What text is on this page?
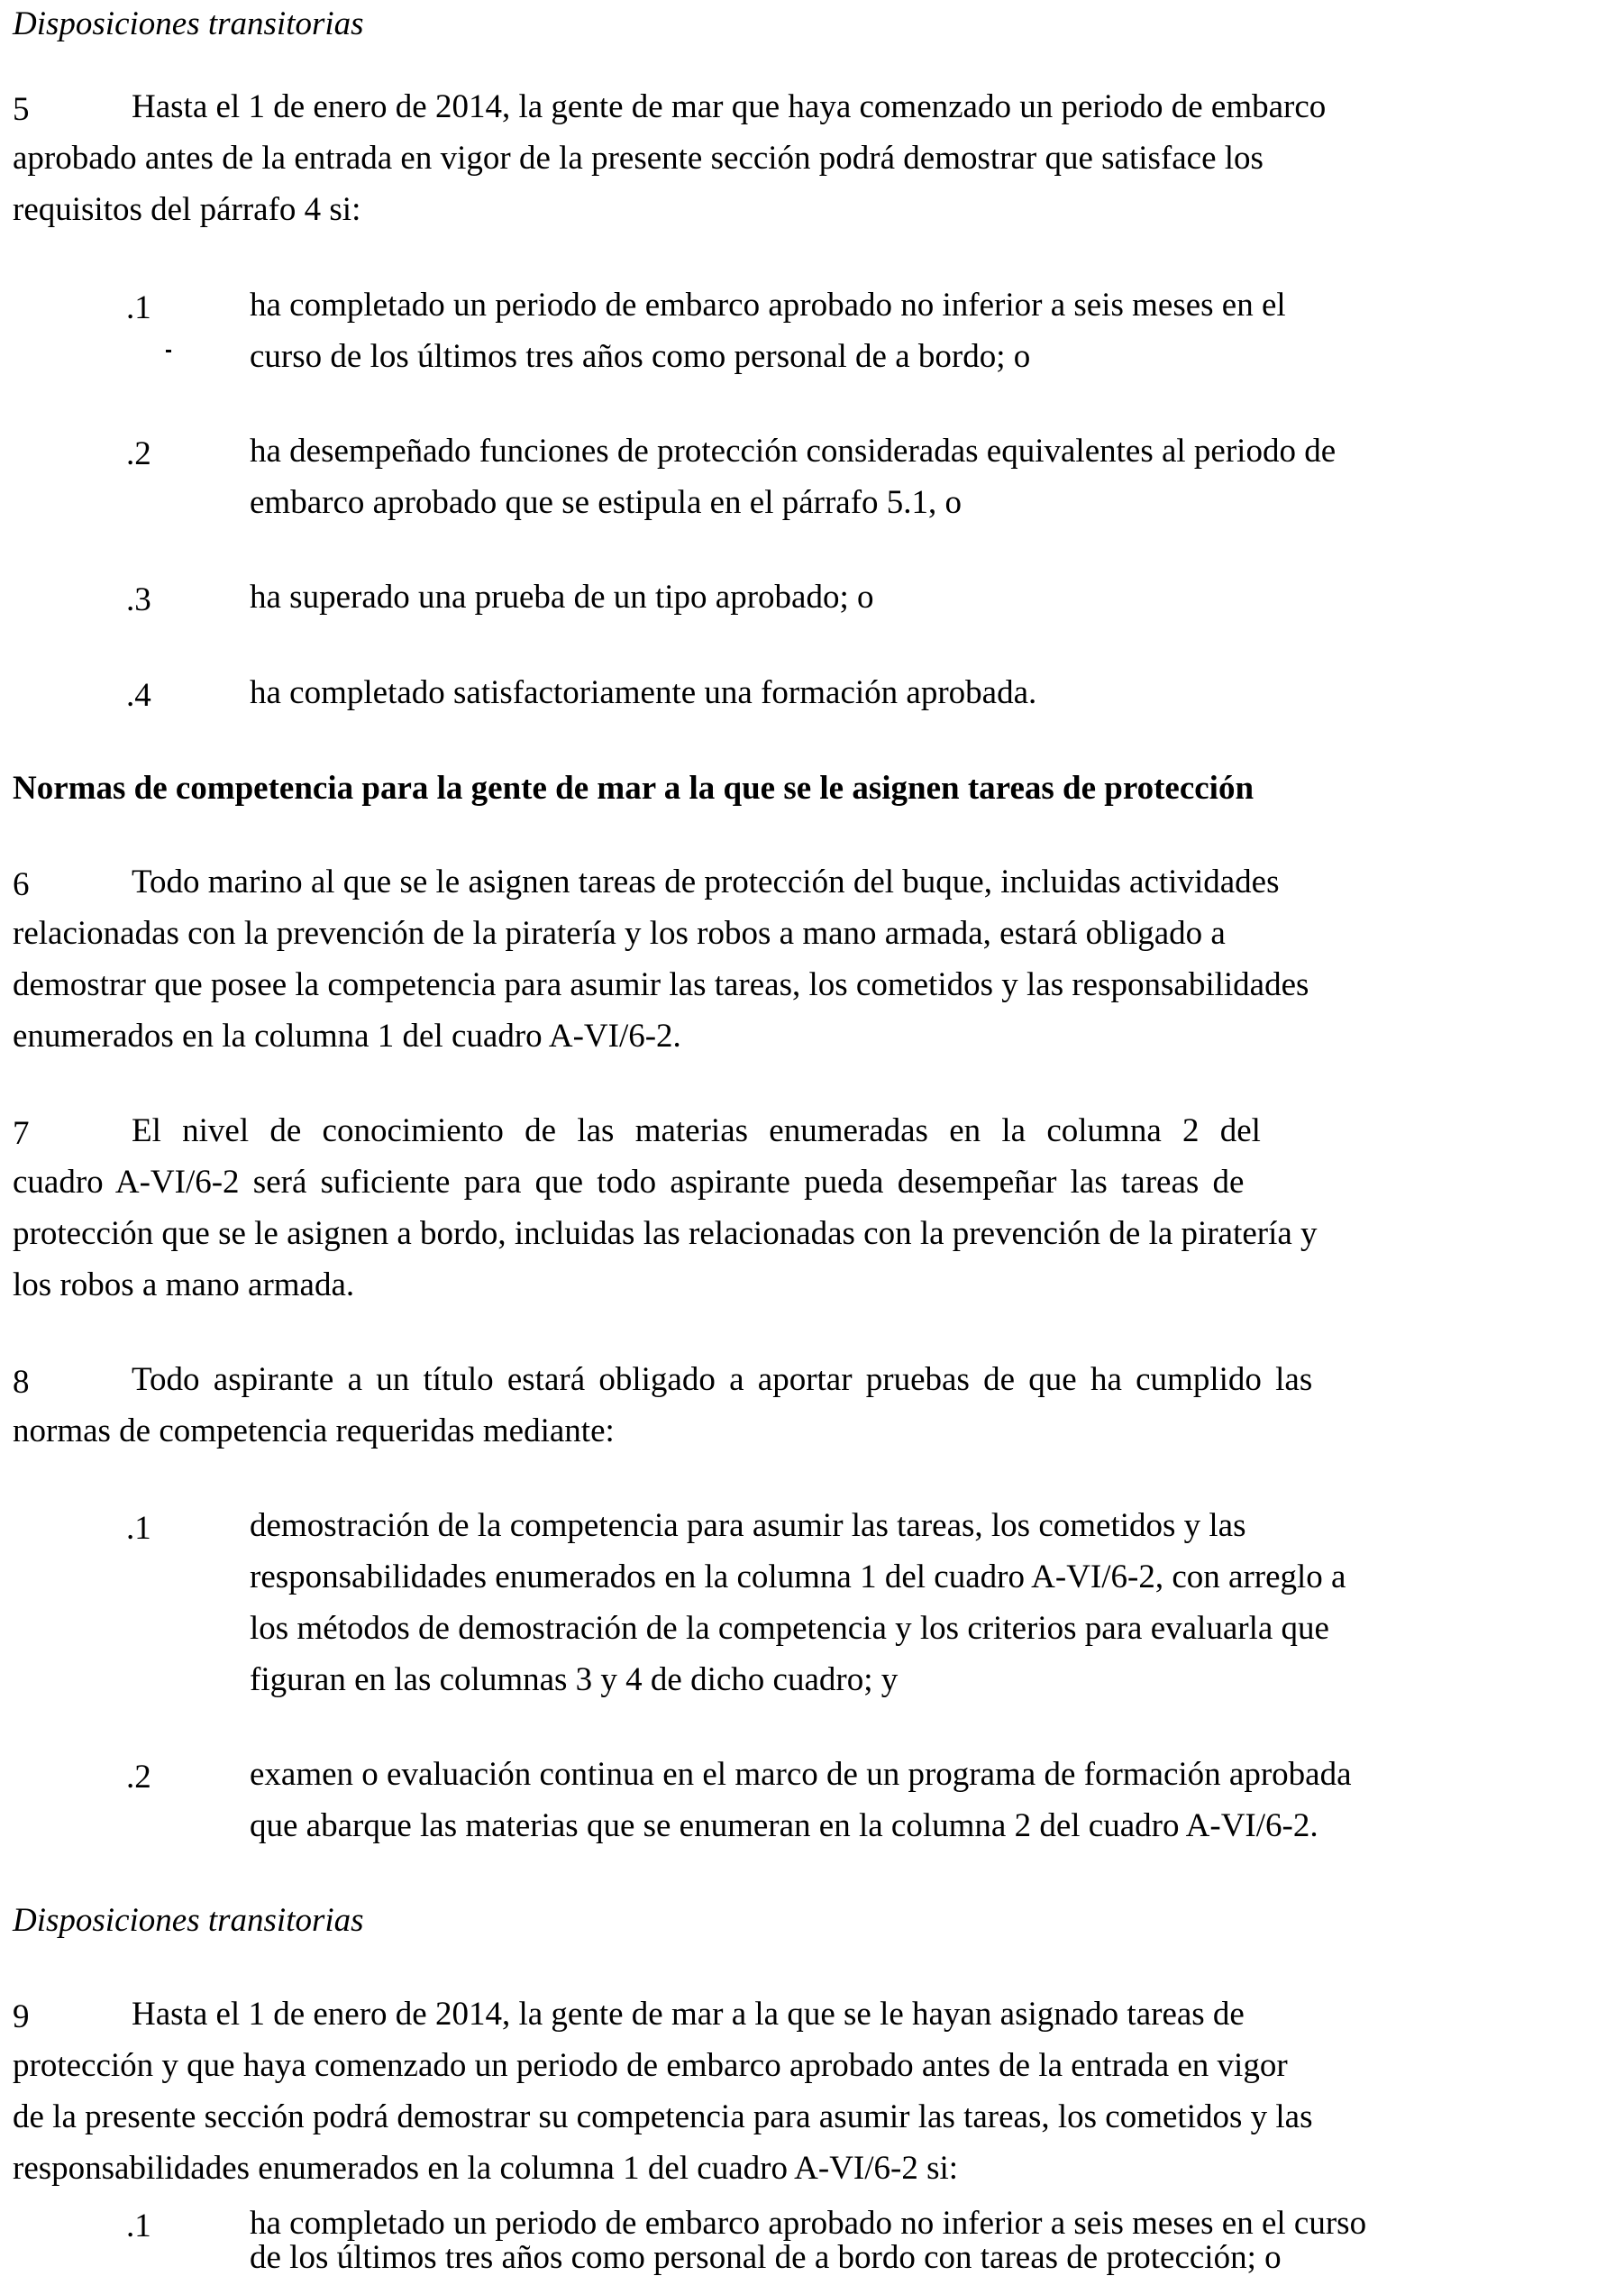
Disposiciones transitorias
5	Hasta el 1 de enero de 2014, la gente de mar que haya comenzado un periodo de embarco
aprobado antes de la entrada en vigor de la presente sección podrá demostrar que satisface los
requisitos del párrafo 4 si:
.1	ha completado un periodo de embarco aprobado no inferior a seis meses en el
curso de los últimos tres años como personal de a bordo; o
.2	ha desempeñado funciones de protección consideradas equivalentes al periodo de
embarco aprobado que se estipula en el párrafo 5.1, o
.3	ha superado una prueba de un tipo aprobado; o
.4	ha completado satisfactoriamente una formación aprobada.
Normas de competencia para la gente de mar a la que se le asignen tareas de protección
6	Todo marino al que se le asignen tareas de protección del buque, incluidas actividades
relacionadas con la prevención de la piratería y los robos a mano armada, estará obligado a
demostrar que posee la competencia para asumir las tareas, los cometidos y las responsabilidades
enumerados en la columna 1 del cuadro A-VI/6-2.
7	El nivel de conocimiento de las materias enumeradas en la columna 2 del
cuadro A-VI/6-2 será suficiente para que todo aspirante pueda desempeñar las tareas de
protección que se le asignen a bordo, incluidas las relacionadas con la prevención de la piratería y
los robos a mano armada.
8	Todo aspirante a un título estará obligado a aportar pruebas de que ha cumplido las
normas de competencia requeridas mediante:
.1	demostración de la competencia para asumir las tareas, los cometidos y las
responsabilidades enumerados en la columna 1 del cuadro A-VI/6-2, con arreglo a
los métodos de demostración de la competencia y los criterios para evaluarla que
figuran en las columnas 3 y 4 de dicho cuadro; y
.2	examen o evaluación continua en el marco de un programa de formación aprobada
que abarque las materias que se enumeran en la columna 2 del cuadro A-VI/6-2.
Disposiciones transitorias
9	Hasta el 1 de enero de 2014, la gente de mar a la que se le hayan asignado tareas de
protección y que haya comenzado un periodo de embarco aprobado antes de la entrada en vigor
de la presente sección podrá demostrar su competencia para asumir las tareas, los cometidos y las
responsabilidades enumerados en la columna 1 del cuadro A-VI/6-2 si:
.1	ha completado un periodo de embarco aprobado no inferior a seis meses en el curso
de los últimos tres años como personal de a bordo con tareas de protección; o
